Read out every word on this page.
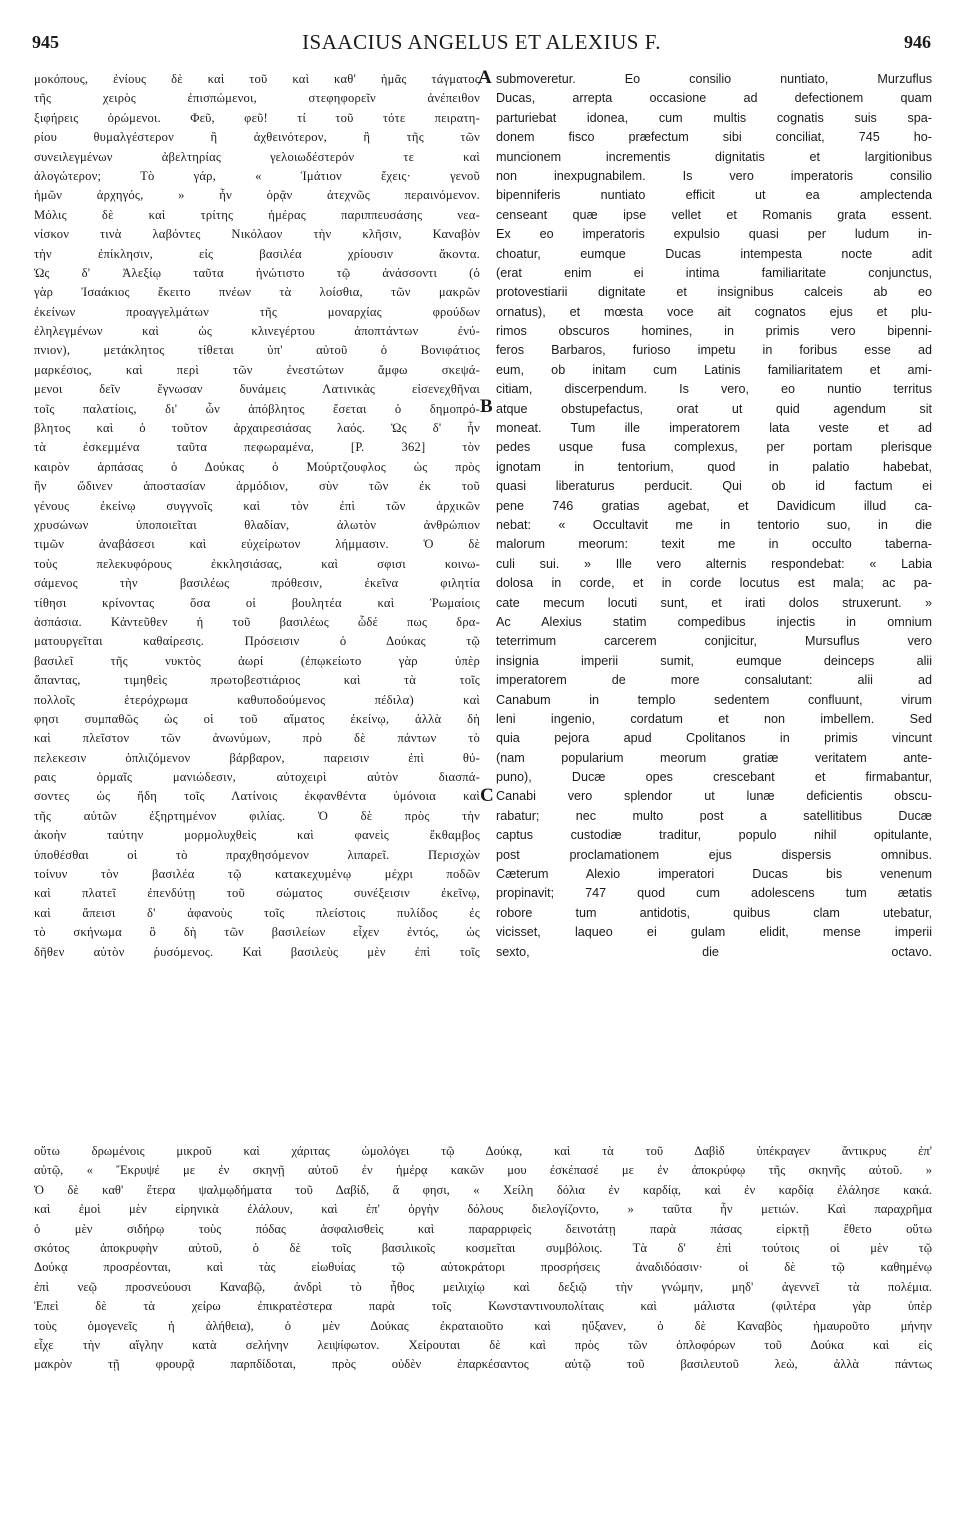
945	ISAACIUS ANGELUS ET ALEXIUS F.	946
A
B
C
μοκόπους, ἐνίους δὲ καὶ τοῦ καὶ καθ' ἡμᾶς τάγματος
τῆς χειρὸς ἐπισπώμενοι, στεφηφορεῖν ἀνέπειθον
ξιφήρεις ὁρώμενοι. Φεῦ, φεῦ! τί τοῦ τότε πειρατη-
ρίου θυμαλγέστερον ἢ ἀχθεινότερον, ἢ τῆς τῶν
συνειλεγμένων ἀβελτηρίας γελοιωδέστερόν τε καὶ
ἀλογώτερον; Τὸ γάρ, « Ἱμάτιον ἔχεις· γενοῦ
ἡμῶν ἀρχηγός, » ἦν ὁρᾷν ἀτεχνῶς περαινόμενον.
Μόλις δὲ καὶ τρίτης ἡμέρας παριππευσάσης νεα-
νίσκον τινὰ λαβόντες Νικόλαον τὴν κλῆσιν, Καναβὸν
τὴν ἐπίκλησιν, εἰς βασιλέα χρίουσιν ἄκοντα.
Ὡς δ' Ἀλεξίῳ ταῦτα ἠνώτιστο τῷ ἀνάσσοντι (ὁ
γὰρ Ἰσαάκιος ἔκειτο πνέων τὰ λοίσθια, τῶν μακρῶν
ἐκείνων προαγγελμάτων τῆς μοναρχίας φρούδων
ἐληλεγμένων καὶ ὡς κλινεγέρτου ἀποπτάντων ἐνύ-
πνιον), μετάκλητος τίθεται ὑπ' αὐτοῦ ὁ Βονιφάτιος
μαρκέσιος, καὶ περὶ τῶν ἐνεστώτων ἄμφω σκεψά-
μενοι δεῖν ἔγνωσαν δυνάμεις Λατινικὰς εἰσενεχθῆναι
τοῖς παλατίοις, δι' ὧν ἀπόβλητος ἔσεται ὁ δημοπρό-
βλητος καὶ ὁ τοῦτον ἀρχαιρεσιάσας λαός. Ὡς δ' ἦν
τὰ ἐσκεμμένα ταῦτα πεφωραμένα, [P. 362] τὸν
καιρὸν ἁρπάσας ὁ Δούκας ὁ Μούρτζουφλος ὡς πρὸς
ἣν ὤδινεν ἀποστασίαν ἁρμόδιον, σὺν τῶν ἐκ τοῦ
γένους ἐκείνῳ συγγνοῖς καὶ τὸν ἐπὶ τῶν ἀρχικῶν
χρυσώνων ὑποποιεῖται θλαδίαν, ἀλωτὸν ἀνθρώπιον
τιμῶν ἀναβάσεσι καὶ εὐχείρωτον λήμμασιν. Ὁ δὲ
τοὺς πελεκυφόρους ἐκκλησιάσας, καὶ σφισι κοινω-
σάμενος τὴν βασιλέως πρόθεσιν, ἐκεῖνα φιλητία
τίθησι κρίνοντας ὅσα οἱ βουλητέα καὶ Ῥωμαίοις
ἀσπάσια. Κἀντεῦθεν ἡ τοῦ βασιλέως ὧδέ πως δρα-
ματουργεῖται καθαίρεσις. Πρόσεισιν ὁ Δούκας τῷ
βασιλεῖ τῆς νυκτὸς ἀωρί (ἐπῳκείωτο γὰρ ὑπὲρ
ἅπαντας, τιμηθεὶς πρωτοβεστιάριος καὶ τὰ τοῖς
πολλοῖς ἑτερόχρωμα καθυποδούμενος πέδιλα) καὶ
φησι συμπαθῶς ὡς οἱ τοῦ αἵματος ἐκείνῳ, ἀλλὰ δὴ
καὶ πλεῖστον τῶν ἀνωνύμων, πρὸ δὲ πάντων τὸ
πελεκεσιν ὁπλιζόμενον βάρβαρον, παρεισιν ἐπὶ θύ-
ραις ὁρμαῖς μανιώδεσιν, αὐτοχειρὶ αὐτὸν διασπά-
σοντες ὡς ἤδη τοῖς Λατίνοις ἐκφανθέντα ὑμόνοια καὶ
τῆς αὐτῶν ἐξηρτημένον φιλίας. Ὁ δὲ πρὸς τὴν
ἀκοὴν ταύτην μορμολυχθεὶς καὶ φανεὶς ἔκθαμβος
ὑποθέσθαι οἱ τὸ πραχθησόμενον λιπαρεῖ. Περισχὼν
τοίνυν τὸν βασιλέα τῷ κατακεχυμένῳ μέχρι ποδῶν
καὶ πλατεῖ ἐπενδύτῃ τοῦ σώματος συνέξεισιν ἐκεῖνῳ,
καὶ ἄπεισι δ' ἀφανοὺς τοῖς πλείστοις πυλίδος ἐς
τὸ σκήνωμα ὃ δὴ τῶν βασιλείων εἶχεν ἐντός, ὡς
δῆθεν αὐτὸν ῥυσόμενος. Καὶ βασιλεὺς μὲν ἐπὶ τοῖς
submoveretur. Eo consilio nuntiato, Murzuflus
Ducas, arrepta occasione ad defectionem quam
parturiebat idonea, cum multis cognatis suis spa-
donem fisco præfectum sibi conciliat, 745 ho-
muncionem incrementis dignitatis et largitionibus
non inexpugnabilem. Is vero imperatoris consilio
bipenniferis nuntiato efficit ut ea amplectenda
censeant quæ ipse vellet et Romanis grata essent.
Ex eo imperatoris expulsio quasi per ludum in-
choatur, eumque Ducas intempesta nocte adit
(erat enim ei intima familiaritate conjunctus,
protovestiarii dignitate et insignibus calceis ab eo
ornatus), et mœsta voce ait cognatos ejus et plu-
rimos obscuros homines, in primis vero bipenni-
feros Barbaros, furioso impetu in foribus esse ad
eum, ob initam cum Latinis familiaritatem et ami-
citiam, discerpendum. Is vero, eo nuntio territus
atque obstupefactus, orat ut quid agendum sit
moneat. Tum ille imperatorem lata veste et ad
pedes usque fusa complexus, per portam plerisque
ignotam in tentorium, quod in palatio habebat,
quasi liberaturus perducit. Qui ob id factum ei
pene 746 gratias agebat, et Davidicum illud ca-
nebat: « Occultavit me in tentorio suo, in die
malorum meorum: texit me in occulto taberna-
culi sui. » Ille vero alternis respondebat: « Labia
dolosa in corde, et in corde locutus est mala; ac pa-
cate mecum locuti sunt, et irati dolos struxerunt. »
Ac Alexius statim compedibus injectis in omnium
teterrimum carcerem conjicitur, Mursuflus vero
insignia imperii sumit, eumque deinceps alii
imperatorem de more consalutant: alii ad
Canabum in templo sedentem confluunt, virum
leni ingenio, cordatum et non imbellem. Sed
quia pejora apud Cpolitanos in primis vincunt
(nam popularium meorum gratiæ veritatem ante-
puno), Ducæ opes crescebant et firmabantur,
Canabi vero splendor ut lunæ deficientis obscu-
rabatur; nec multo post a satellitibus Ducæ
captus custodiæ traditur, populo nihil opitulante,
post proclamationem ejus dispersis omnibus.
Cæterum Alexio imperatori Ducas bis venenum
propinavit; 747 quod cum adolescens tum ætatis
robore tum antidotis, quibus clam utebatur,
vicisset, laqueo ei gulam elidit, mense imperii
sexto, die octavo.
οὕτω δρωμένοις μικροῦ καὶ χάριτας ὡμολόγει τῷ Δούκᾳ, καὶ τὰ τοῦ Δαβὶδ ὑπέκραγεν ἄντικρυς ἐπ'
αὐτῷ, « Ἔκρυψέ με ἐν σκηνῇ αὐτοῦ ἐν ἡμέρᾳ κακῶν μου ἐσκέπασέ με ἐν ἀποκρύφῳ τῆς σκηνῆς αὐτοῦ. »
Ὁ δὲ καθ' ἕτερα ψαλμῳδήματα τοῦ Δαβίδ, ἅ φησι, « Χείλη δόλια ἐν καρδίᾳ, καὶ ἐν καρδίᾳ ἐλάλησε κακά.
καὶ ἐμοὶ μὲν εἰρηνικὰ ἐλάλουν, καὶ ἐπ' ὀργὴν δόλους διελογίζοντο, » ταῦτα ἦν μετιών. Καὶ παραχρῆμα
ὁ μὲν σιδήρῳ τοὺς πόδας ἀσφαλισθεὶς καὶ παραρριφεὶς δεινοτάτῃ παρὰ πάσας εἱρκτῇ ἔθετο οὕτω
σκότος ἀποκρυφὴν αὐτοῦ, ὁ δὲ τοῖς βασιλικοῖς κοσμεῖται συμβόλοις. Τὰ δ' ἐπὶ τούτοις οἱ μὲν τῷ
Δούκᾳ προσρέονται, καὶ τὰς εἰωθυίας τῷ αὐτοκράτορι προσρήσεις ἀναδιδόασιν· οἱ δὲ τῷ καθημένῳ
ἐπὶ νεῷ προσνεύουσι Καναβῷ, ἀνδρὶ τὸ ἦθος μειλιχίῳ καὶ δεξιῷ τὴν γνώμην, μηδ' ἀγεννεῖ τὰ πολέμια.
Ἐπεὶ δὲ τὰ χείρω ἐπικρατέστερα παρὰ τοῖς Κωνσταντινουπολίταις καὶ μάλιστα (φιλτέρα γὰρ ὑπὲρ
τοὺς ὁμογενεῖς ἡ ἀλήθεια), ὁ μὲν Δούκας ἐκραταιοῦτο καὶ ηὔξανεν, ὁ δὲ Καναβὸς ἠμαυροῦτο μήνην
εἶχε τὴν αἴγλην κατὰ σελήνην λειψίφωτον. Χείρουται δὲ καὶ πρὸς τῶν ὁπλοφόρων τοῦ Δούκα καὶ εἰς
μακρὸν τῇ φρουρᾷ παρπδίδοται, πρὸς οὐδὲν ἐπαρκέσαντος αὐτῷ τοῦ βασιλευτοῦ λεὼ, ἀλλὰ πάντως
